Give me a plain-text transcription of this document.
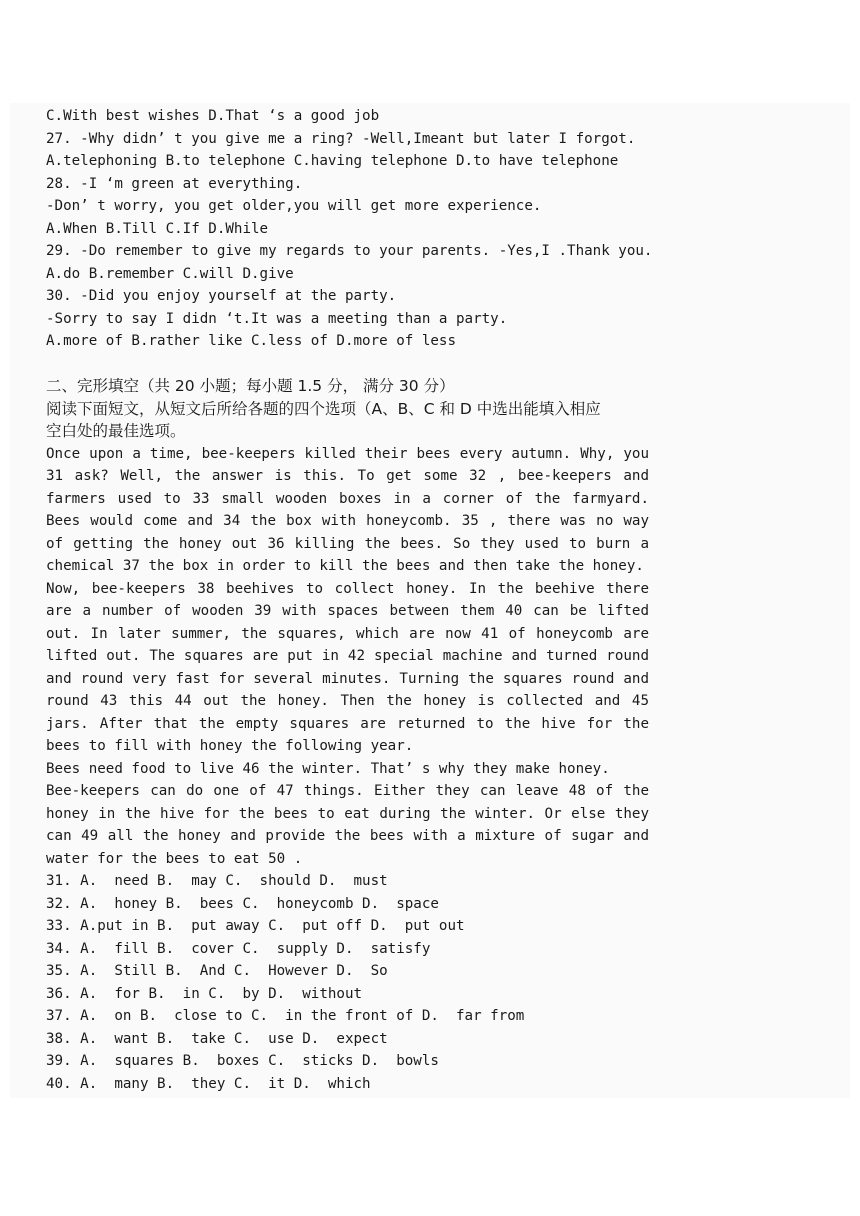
C.With best wishes D.That ‘s a good job
27. -Why didn’ t you give me a ring? -Well,Imeant but later I forgot.
A.telephoning B.to telephone C.having telephone D.to have telephone
28. -I ‘m green at everything.
-Don’ t worry, you get older,you will get more experience.
A.When B.Till C.If D.While
29. -Do remember to give my regards to your parents. -Yes,I .Thank you.
A.do B.remember C.will D.give
30. -Did you enjoy yourself at the party.
-Sorry to say I didn ‘t.It was a meeting than a party.
A.more of B.rather like C.less of D.more of less
二、完形填空（共 20 小题；每小题 1.5 分， 满分 30 分）
阅读下面短文，从短文后所给各题的四个选项（A、B、C 和 D 中选出能填入相应
空白处的最佳选项。
Once upon a time, bee-keepers killed their bees every autumn. Why, you 31 ask? Well, the answer is this. To get some 32 , bee-keepers and farmers used to 33 small wooden boxes in a corner of the farmyard. Bees would come and 34 the box with honeycomb. 35 , there was no way of getting the honey out 36 killing the bees. So they used to burn a chemical 37 the box in order to kill the bees and then take the honey.
Now, bee-keepers 38 beehives to collect honey. In the beehive there are a number of wooden 39 with spaces between them 40 can be lifted out. In later summer, the squares, which are now 41 of honeycomb are lifted out. The squares are put in 42 special machine and turned round and round very fast for several minutes. Turning the squares round and round 43 this 44 out the honey. Then the honey is collected and 45 jars. After that the empty squares are returned to the hive for the bees to fill with honey the following year.
Bees need food to live 46 the winter. That’ s why they make honey.
Bee-keepers can do one of 47 things. Either they can leave 48 of the honey in the hive for the bees to eat during the winter. Or else they can 49 all the honey and provide the bees with a mixture of sugar and water for the bees to eat 50 .
31. A.  need B.  may C.  should D.  must
32. A.  honey B.  bees C.  honeycomb D.  space
33. A.put in B.  put away C.  put off D.  put out
34. A.  fill B.  cover C.  supply D.  satisfy
35. A.  Still B.  And C.  However D.  So
36. A.  for B.  in C.  by D.  without
37. A.  on B.  close to C.  in the front of D.  far from
38. A.  want B.  take C.  use D.  expect
39. A.  squares B.  boxes C.  sticks D.  bowls
40. A.  many B.  they C.  it D.  which
